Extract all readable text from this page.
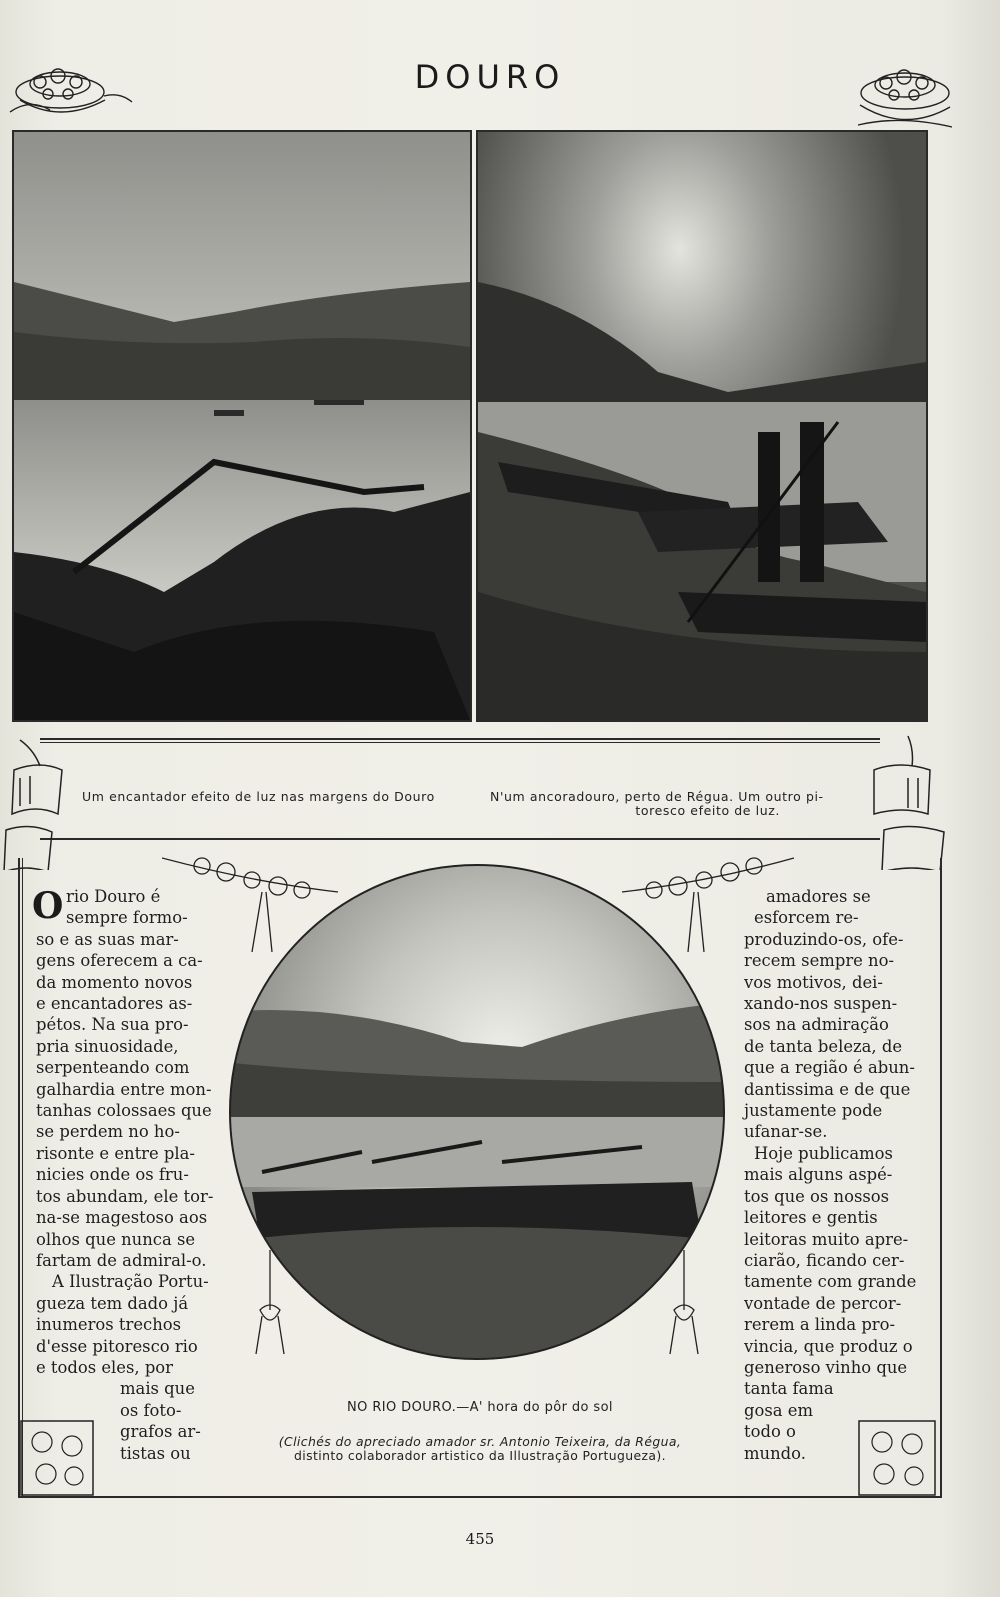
DOURO
Um encantador efeito de luz nas margens do Douro	N'um ancoradouro, perto de Régua. Um outro pi-
toresco efeito de luz.
NO RIO DOURO.—A' hora do pôr do sol
(Clichés do apreciado amador sr. Antonio Teixeira, da Régua,
distinto colaborador artistico da Illustração Portugueza).
O rio Douro é

sempre formo-

so e as suas mar-

gens oferecem a ca-

da momento novos

e encantadores as-

pétos. Na sua pro-

pria sinuosidade,

serpenteando com

galhardia entre mon-

tanhas colossaes que

se perdem no ho-

risonte e entre pla-

nicies onde os fru-

tos abundam, ele tor-

na-se magestoso aos

olhos que nunca se

fartam de admiral-o.

A Ilustração Portu-

gueza tem dado já

inumeros trechos

d'esse pitoresco rio

e todos eles, por

mais que

os foto-

grafos ar-

tistas ou

amadores se

esforcem re-

produzindo-os, ofe-

recem sempre no-

vos motivos, dei-

xando-nos suspen-

sos na admiração

de tanta beleza, de

que a região é abun-

dantissima e de que

justamente pode

ufanar-se.

Hoje publicamos

mais alguns aspé-

tos que os nossos

leitores e gentis

leitoras muito apre-

ciarão, ficando cer-

tamente com grande

vontade de percor-

rerem a linda pro-

vincia, que produz o

generoso vinho que

tanta fama

gosa em

todo o

mundo.

455
